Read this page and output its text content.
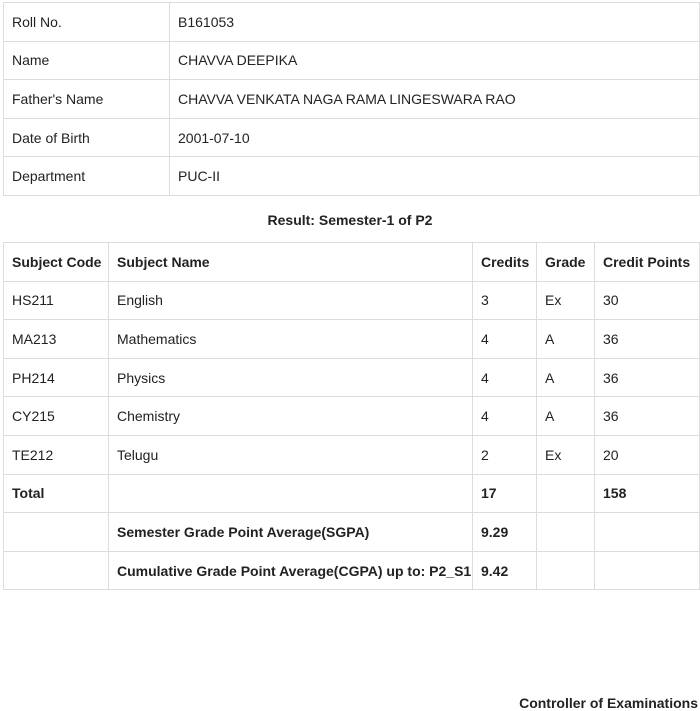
Roll No.	B161053
Name	CHAVVA DEEPIKA
Father's Name	CHAVVA VENKATA NAGA RAMA LINGESWARA RAO
Date of Birth	2001-07-10
Department	PUC-II
Result: Semester-1 of P2
Subject Code	Subject Name	Credits	Grade	Credit Points
HS211	English	3	Ex	30
MA213	Mathematics	4	A	36
PH214	Physics	4	A	36
CY215	Chemistry	4	A	36
TE212	Telugu	2	Ex	20
Total		17		158
	Semester Grade Point Average(SGPA)	9.29		
	Cumulative Grade Point Average(CGPA) up to: P2_S1	9.42		
Controller of Examinations
